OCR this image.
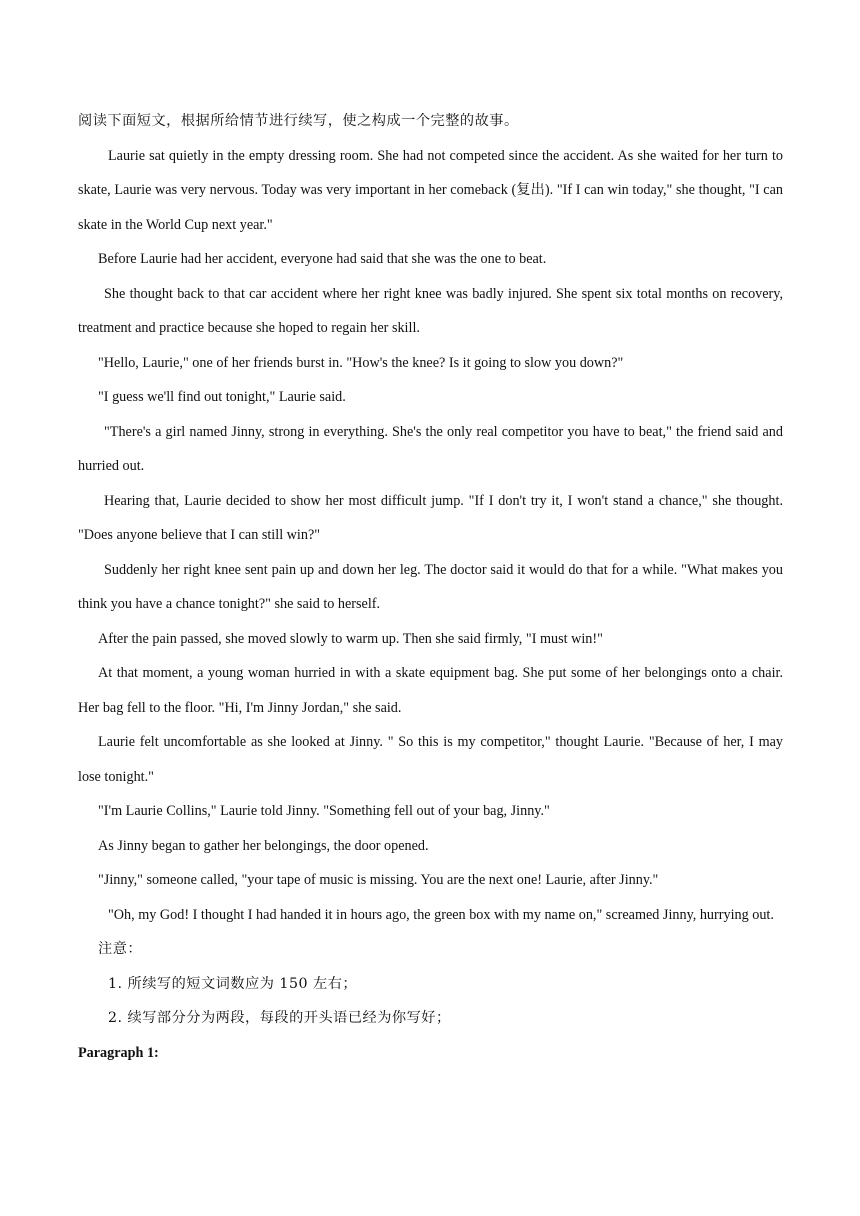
阅读下面短文，根据所给情节进行续写，使之构成一个完整的故事。

Laurie sat quietly in the empty dressing room. She had not competed since the accident. As she waited for her turn to skate, Laurie was very nervous. Today was very important in her comeback (复出). "If I can win today," she thought, "I can skate in the World Cup next year."

Before Laurie had her accident, everyone had said that she was the one to beat.

She thought back to that car accident where her right knee was badly injured. She spent six total months on recovery, treatment and practice because she hoped to regain her skill.

"Hello, Laurie," one of her friends burst in. "How's the knee? Is it going to slow you down?"

"I guess we'll find out tonight," Laurie said.

"There's a girl named Jinny, strong in everything. She's the only real competitor you have to beat," the friend said and hurried out.

Hearing that, Laurie decided to show her most difficult jump. "If I don't try it, I won't stand a chance," she thought. "Does anyone believe that I can still win?"

Suddenly her right knee sent pain up and down her leg. The doctor said it would do that for a while. "What makes you think you have a chance tonight?" she said to herself.

After the pain passed, she moved slowly to warm up. Then she said firmly, "I must win!"

At that moment, a young woman hurried in with a skate equipment bag. She put some of her belongings onto a chair. Her bag fell to the floor. "Hi, I'm Jinny Jordan," she said.

Laurie felt uncomfortable as she looked at Jinny. " So this is my competitor," thought Laurie. "Because of her, I may lose tonight."

"I'm Laurie Collins," Laurie told Jinny. "Something fell out of your bag, Jinny."

As Jinny began to gather her belongings, the door opened.

"Jinny," someone called, "your tape of music is missing. You are the next one! Laurie, after Jinny."

"Oh, my God! I thought I had handed it in hours ago, the green box with my name on," screamed Jinny, hurrying out.

注意：

1. 所续写的短文词数应为 150 左右；

2. 续写部分分为两段，每段的开头语已经为你写好；

Paragraph 1:
